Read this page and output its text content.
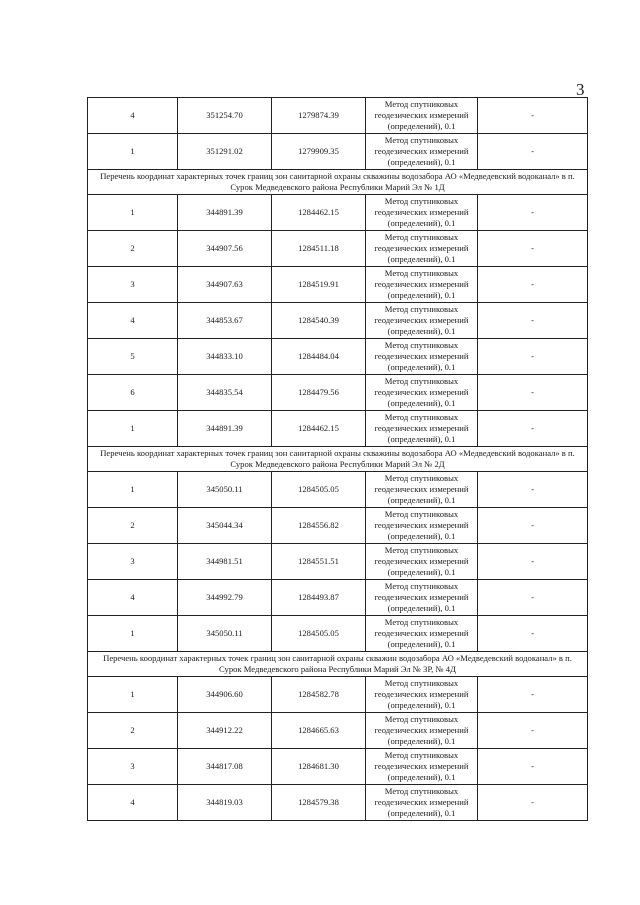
3
4	351254.70	1279874.39	Метод спутниковых геодезических измерений (определений), 0.1	-
1	351291.02	1279909.35	Метод спутниковых геодезических измерений (определений), 0.1	-
Перечень координат характерных точек границ зон санитарной охраны скважины водозабора АО «Медведевский водоканал» в п. Сурок Медведевского района Республики Марий Эл № 1Д				
1	344891.39	1284462.15	Метод спутниковых геодезических измерений (определений), 0.1	-
2	344907.56	1284511.18	Метод спутниковых геодезических измерений (определений), 0.1	-
3	344907.63	1284519.91	Метод спутниковых геодезических измерений (определений), 0.1	-
4	344853.67	1284540.39	Метод спутниковых геодезических измерений (определений), 0.1	-
5	344833.10	1284484.04	Метод спутниковых геодезических измерений (определений), 0.1	-
6	344835.54	1284479.56	Метод спутниковых геодезических измерений (определений), 0.1	-
1	344891.39	1284462.15	Метод спутниковых геодезических измерений (определений), 0.1	-
Перечень координат характерных точек границ зон санитарной охраны скважины водозабора АО «Медведевский водоканал» в п. Сурок Медведевского района Республики Марий Эл № 2Д				
1	345050.11	1284505.05	Метод спутниковых геодезических измерений (определений), 0.1	-
2	345044.34	1284556.82	Метод спутниковых геодезических измерений (определений), 0.1	-
3	344981.51	1284551.51	Метод спутниковых геодезических измерений (определений), 0.1	-
4	344992.79	1284493.87	Метод спутниковых геодезических измерений (определений), 0.1	-
1	345050.11	1284505.05	Метод спутниковых геодезических измерений (определений), 0.1	-
Перечень координат характерных точек границ зон санитарной охраны скважин водозабора АО «Медведевский водоканал» в п. Сурок Медведевского района Республики Марий Эл № 3Р, № 4Д				
1	344906.60	1284582.78	Метод спутниковых геодезических измерений (определений), 0.1	-
2	344912.22	1284665.63	Метод спутниковых геодезических измерений (определений), 0.1	-
3	344817.08	1284681.30	Метод спутниковых геодезических измерений (определений), 0.1	-
4	344819.03	1284579.38	Метод спутниковых геодезических измерений (определений), 0.1	-
